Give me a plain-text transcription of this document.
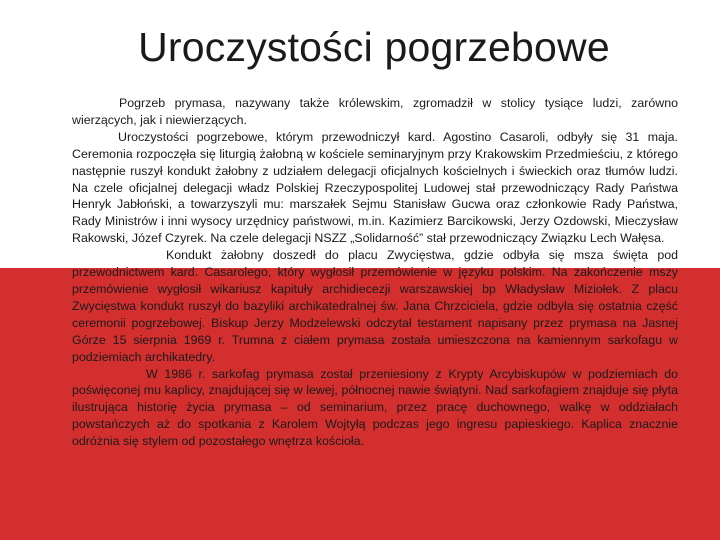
Uroczystości pogrzebowe

Pogrzeb prymasa, nazywany także królewskim, zgromadził w stolicy tysiące ludzi, zarówno wierzących, jak i niewierzących.

Uroczystości pogrzebowe, którym przewodniczył kard. Agostino Casaroli, odbyły się 31 maja. Ceremonia rozpoczęła się liturgią żałobną w kościele seminaryjnym przy Krakowskim Przedmieściu, z którego następnie ruszył kondukt żałobny z udziałem delegacji oficjalnych kościelnych i świeckich oraz tłumów ludzi. Na czele oficjalnej delegacji władz Polskiej Rzeczypospolitej Ludowej stał przewodniczący Rady Państwa Henryk Jabłoński, a towarzyszyli mu: marszałek Sejmu Stanisław Gucwa oraz członkowie Rady Państwa, Rady Ministrów i inni wysocy urzędnicy państwowi, m.in. Kazimierz Barcikowski, Jerzy Ozdowski, Mieczysław Rakowski, Józef Czyrek. Na czele delegacji NSZZ „Solidarność” stał przewodniczący Związku Lech Wałęsa.

Kondukt żałobny doszedł do placu Zwycięstwa, gdzie odbyła się msza święta pod przewodnictwem kard. Casarolego, który wygłosił przemówienie w języku polskim. Na zakończenie mszy przemówienie wygłosił wikariusz kapituły archidiecezji warszawskiej bp Władysław Miziołek. Z placu Zwycięstwa kondukt ruszył do bazyliki archikatedralnej św. Jana Chrzciciela, gdzie odbyła się ostatnia część ceremonii pogrzebowej. Biskup Jerzy Modzelewski odczytał testament napisany przez prymasa na Jasnej Górze 15 sierpnia 1969 r. Trumna z ciałem prymasa została umieszczona na kamiennym sarkofagu w podziemiach archikatedry.

W 1986 r. sarkofag prymasa został przeniesiony z Krypty Arcybiskupów w podziemiach do poświęconej mu kaplicy, znajdującej się w lewej, północnej nawie świątyni. Nad sarkofagiem znajduje się płyta ilustrująca historię życia prymasa – od seminarium, przez pracę duchownego, walkę w oddziałach powstańczych aż do spotkania z Karolem Wojtyłą podczas jego ingresu papieskiego. Kaplica znacznie odróżnia się stylem od pozostałego wnętrza kościoła.
